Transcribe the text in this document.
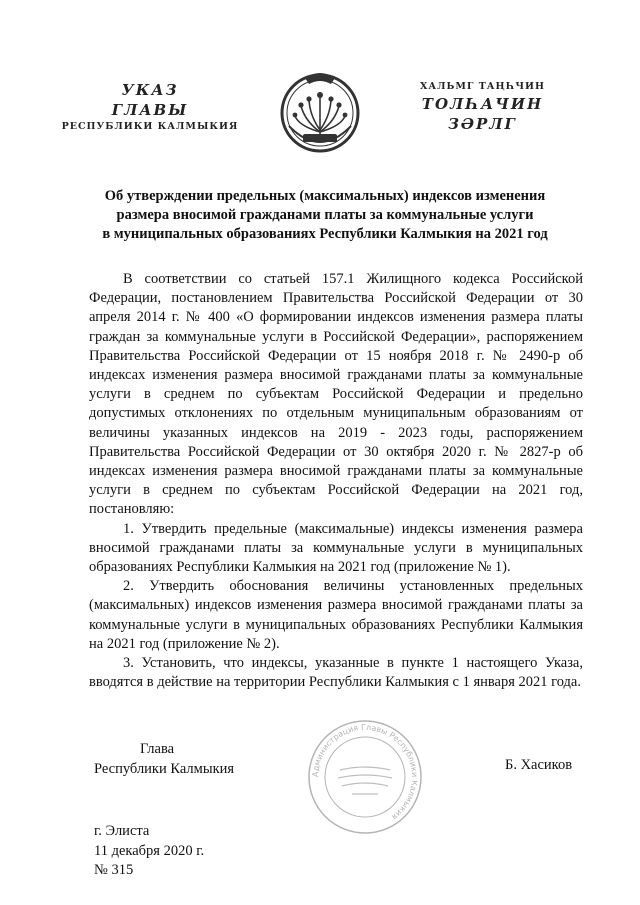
УКАЗ
ГЛАВЫ
РЕСПУБЛИКИ КАЛМЫКИЯ
ХАЛЬМГ ТАҢҺЧИН
ТОЛҺАЧИН
ЗӘРЛГ
Об утверждении предельных (максимальных) индексов изменения
размера вносимой гражданами платы за коммунальные услуги
в муниципальных образованиях Республики Калмыкия на 2021 год

В соответствии со статьей 157.1 Жилищного кодекса Российской Федерации, постановлением Правительства Российской Федерации от 30 апреля 2014 г. № 400 «О формировании индексов изменения размера платы граждан за коммунальные услуги в Российской Федерации», распоряжением Правительства Российской Федерации от 15 ноября 2018 г. № 2490-р об индексах изменения размера вносимой гражданами платы за коммунальные услуги в среднем по субъектам Российской Федерации и предельно допустимых отклонениях по отдельным муниципальным образованиям от величины указанных индексов на 2019 - 2023 годы, распоряжением Правительства Российской Федерации от 30 октября 2020 г. № 2827-р об индексах изменения размера вносимой гражданами платы за коммунальные услуги в среднем по субъектам Российской Федерации на 2021 год, постановляю:

1. Утвердить предельные (максимальные) индексы изменения размера вносимой гражданами платы за коммунальные услуги в муниципальных образованиях Республики Калмыкия на 2021 год (приложение № 1).

2. Утвердить обоснования величины установленных предельных (максимальных) индексов изменения размера вносимой гражданами платы за коммунальные услуги в муниципальных образованиях Республики Калмыкия на 2021 год (приложение № 2).

3. Установить, что индексы, указанные в пункте 1 настоящего Указа, вводятся в действие на территории Республики Калмыкия с 1 января 2021 года.

Глава
Республики Калмыкия	Администрация Главы Республики Калмыкия
Б. Хасиков
г. Элиста
11 декабря 2020 г.
№ 315
